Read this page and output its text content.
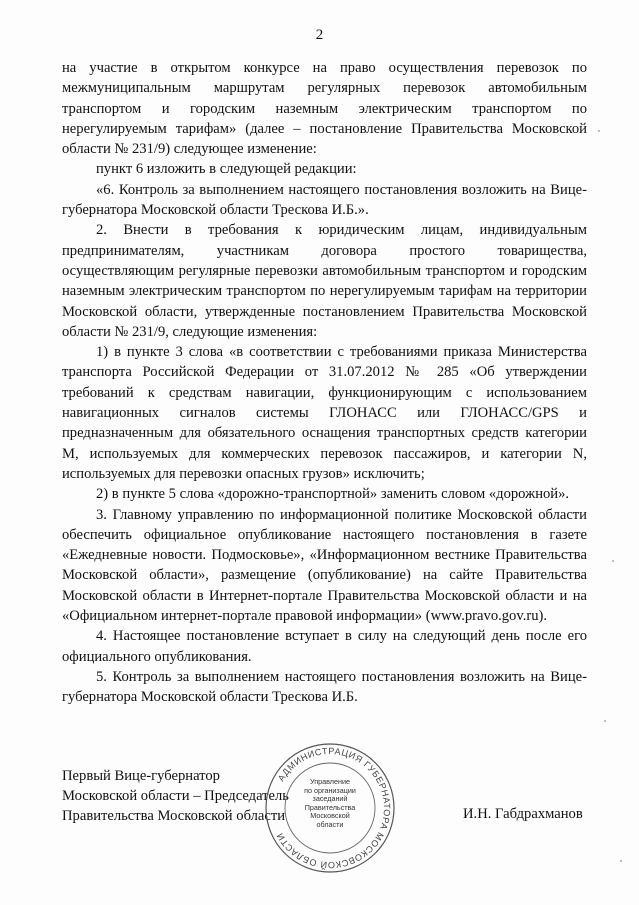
2

на участие в открытом конкурсе на право осуществления перевозок по межмуниципальным маршрутам регулярных перевозок автомобильным транспортом и городским наземным электрическим транспортом по нерегулируемым тарифам» (далее – постановление Правительства Московской области № 231/9) следующее изменение:

пункт 6 изложить в следующей редакции:

«6. Контроль за выполнением настоящего постановления возложить на Вице-губернатора Московской области Трескова И.Б.».

2. Внести в требования к юридическим лицам, индивидуальным предпринимателям, участникам договора простого товарищества, осуществляющим регулярные перевозки автомобильным транспортом и городским наземным электрическим транспортом по нерегулируемым тарифам на территории Московской области, утвержденные постановлением Правительства Московской области № 231/9, следующие изменения:

1) в пункте 3 слова «в соответствии с требованиями приказа Министерства транспорта Российской Федерации от 31.07.2012 № 285 «Об утверждении требований к средствам навигации, функционирующим с использованием навигационных сигналов системы ГЛОНАСС или ГЛОНАСС/GPS и предназначенным для обязательного оснащения транспортных средств категории M, используемых для коммерческих перевозок пассажиров, и категории N, используемых для перевозки опасных грузов» исключить;

2) в пункте 5 слова «дорожно-транспортной» заменить словом «дорожной».

3. Главному управлению по информационной политике Московской области обеспечить официальное опубликование настоящего постановления в газете «Ежедневные новости. Подмосковье», «Информационном вестнике Правительства Московской области», размещение (опубликование) на сайте Правительства Московской области в Интернет-портале Правительства Московской области и на «Официальном интернет-портале правовой информации» (www.pravo.gov.ru).

4. Настоящее постановление вступает в силу на следующий день после его официального опубликования.

5. Контроль за выполнением настоящего постановления возложить на Вице-губернатора Московской области Трескова И.Б.

Первый Вице-губернатор
Московской области – Председатель
Правительства Московской области	И.Н. Габдрахманов
АДМИНИСТРАЦИЯ ГУБЕРНАТОРА МОСКОВСКОЙ ОБЛАСТИ
Управление
по организации
заседаний
Правительства
Московской
области
